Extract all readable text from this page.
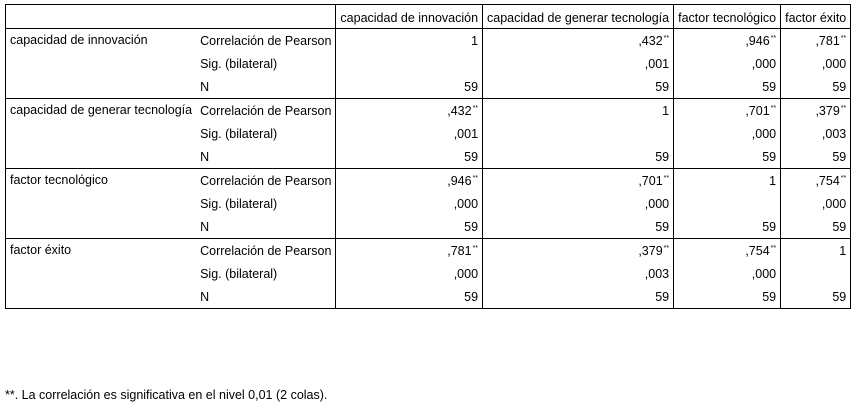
		capacidad de innovación	capacidad de generar tecnología	factor tecnológico	factor éxito
capacidad de innovación	Correlación de Pearson	1	,432**	,946**	,781**
	Sig. (bilateral)		,001	,000	,000
	N	59	59	59	59
capacidad de generar tecnología	Correlación de Pearson	,432**	1	,701**	,379**
	Sig. (bilateral)	,001		,000	,003
	N	59	59	59	59
factor tecnológico	Correlación de Pearson	,946**	,701**	1	,754**
	Sig. (bilateral)	,000	,000		,000
	N	59	59	59	59
factor éxito	Correlación de Pearson	,781**	,379**	,754**	1
	Sig. (bilateral)	,000	,003	,000	
	N	59	59	59	59
**. La correlación es significativa en el nivel 0,01 (2 colas).
